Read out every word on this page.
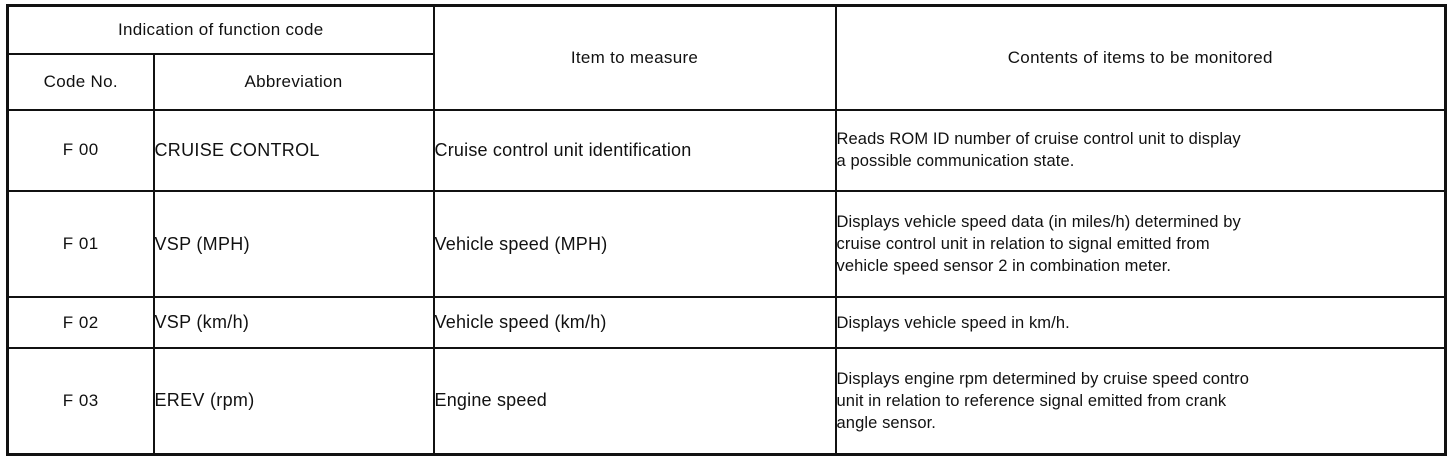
Indication of function code		Item to measure	Contents of items to be monitored
Code No.	Abbreviation		
F 00	CRUISE CONTROL	Cruise control unit identification	Reads ROM ID number of cruise control unit to display
a possible communication state.

F 01	VSP (MPH)	Vehicle speed (MPH)	Displays vehicle speed data (in miles/h) determined by
cruise control unit in relation to signal emitted from
vehicle speed sensor 2 in combination meter.

F 02	VSP (km/h)	Vehicle speed (km/h)	Displays vehicle speed in km/h.

F 03	EREV (rpm)	Engine speed	Displays engine rpm determined by cruise speed contro
unit in relation to reference signal emitted from crank
angle sensor.
